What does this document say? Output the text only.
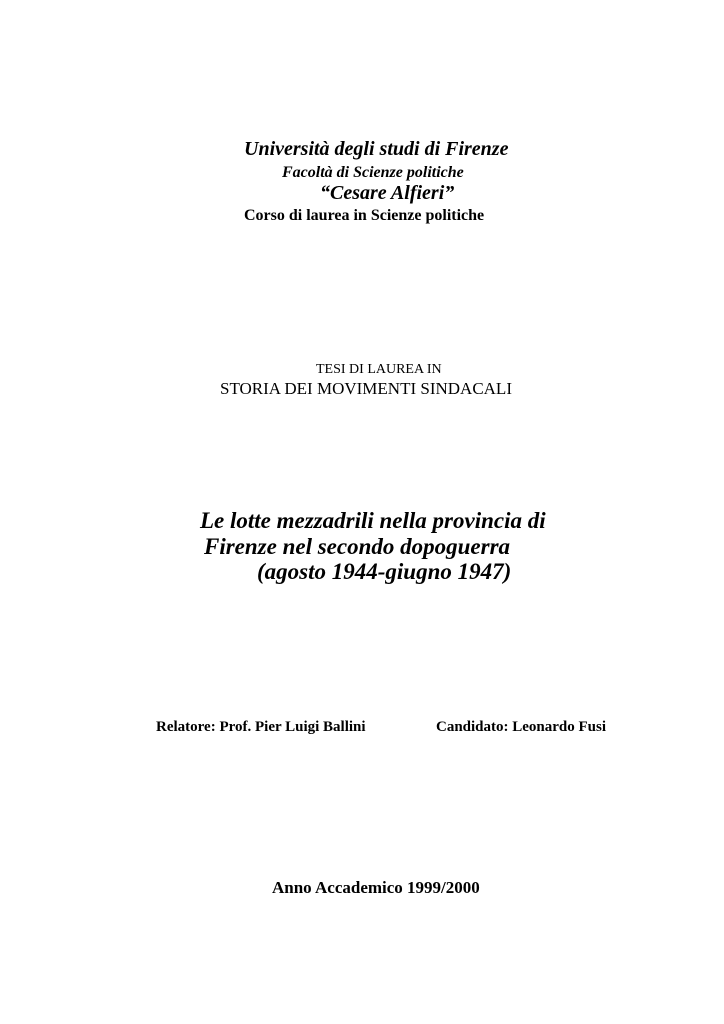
Università degli studi di Firenze
Facoltà di Scienze politiche
“Cesare Alfieri”
Corso di laurea in Scienze politiche
TESI DI LAUREA IN
STORIA DEI MOVIMENTI SINDACALI
Le lotte mezzadrili nella provincia di
Firenze nel secondo dopoguerra
(agosto 1944-giugno 1947)
Relatore: Prof. Pier Luigi Ballini	Candidato: Leonardo Fusi
Anno Accademico 1999/2000
